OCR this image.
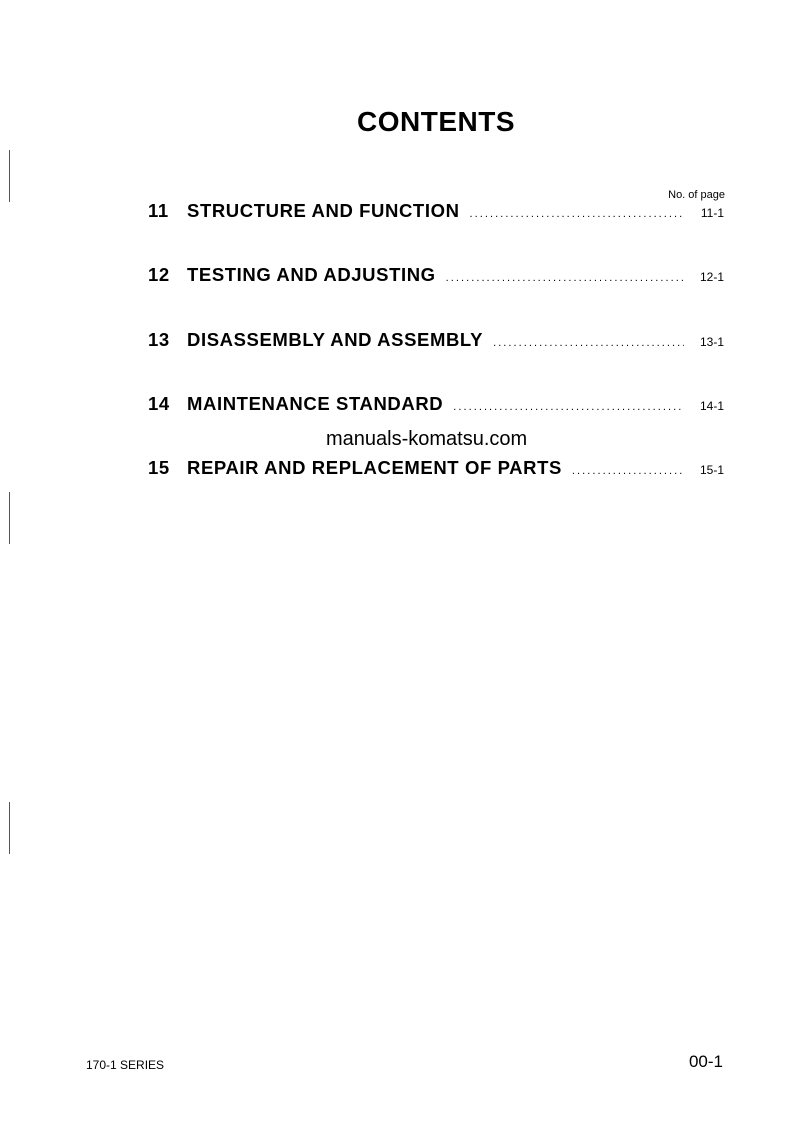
CONTENTS
No. of page
11 STRUCTURE AND FUNCTION . . .	11-1
12 TESTING AND ADJUSTING . . .	12-1
13 DISASSEMBLY AND ASSEMBLY . . .	13-1
14 MAINTENANCE STANDARD . . .	14-1
manuals-komatsu.com
15 REPAIR AND REPLACEMENT OF PARTS . . .	15-1
170-1 SERIES	00-1
